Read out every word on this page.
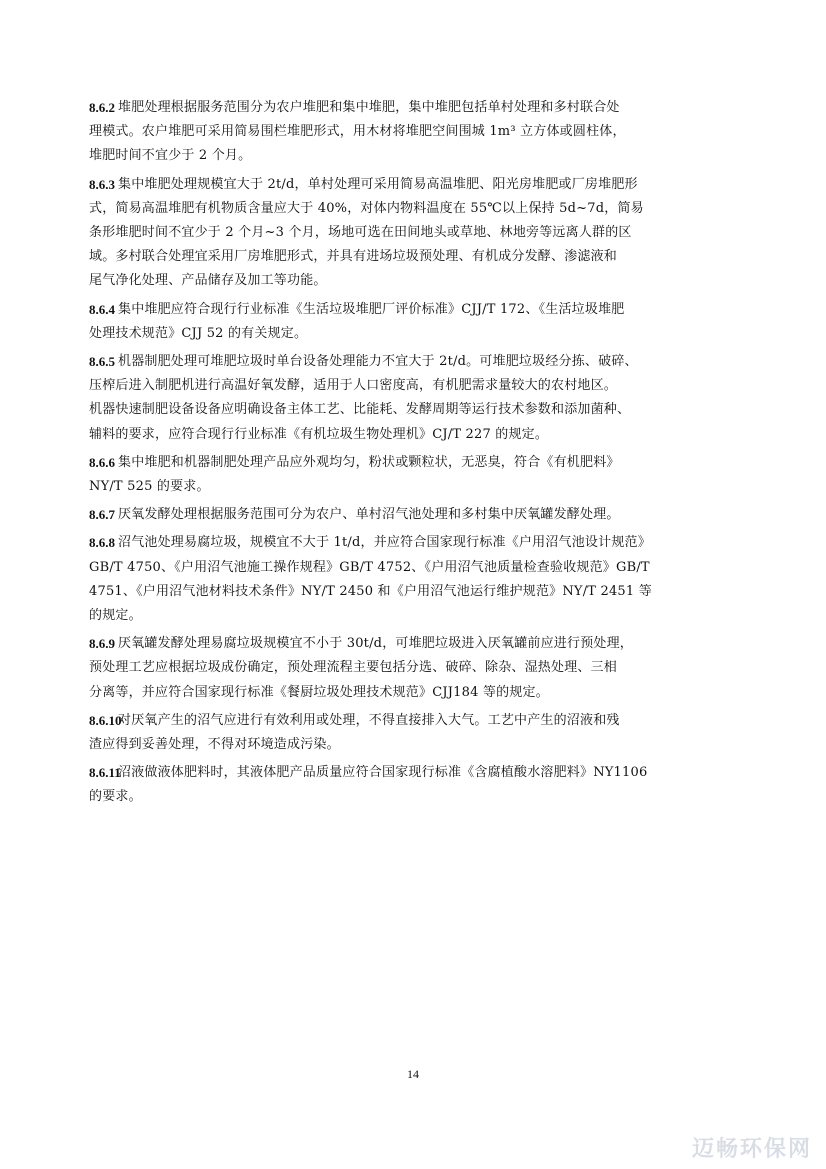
8.6.2 堆肥处理根据服务范围分为农户堆肥和集中堆肥，集中堆肥包括单村处理和多村联合处
理模式。农户堆肥可采用简易围栏堆肥形式，用木材将堆肥空间围城 1m³ 立方体或圆柱体，
堆肥时间不宜少于 2 个月。
8.6.3 集中堆肥处理规模宜大于 2t/d，单村处理可采用简易高温堆肥、阳光房堆肥或厂房堆肥形
式，简易高温堆肥有机物质含量应大于 40%，对体内物料温度在 55℃以上保持 5d~7d，简易
条形堆肥时间不宜少于 2 个月~3 个月，场地可选在田间地头或草地、林地旁等远离人群的区
域。多村联合处理宜采用厂房堆肥形式，并具有进场垃圾预处理、有机成分发酵、渗滤液和
尾气净化处理、产品储存及加工等功能。
8.6.4 集中堆肥应符合现行行业标准《生活垃圾堆肥厂评价标准》CJJ/T 172、《生活垃圾堆肥
处理技术规范》CJJ 52 的有关规定。
8.6.5 机器制肥处理可堆肥垃圾时单台设备处理能力不宜大于 2t/d。可堆肥垃圾经分拣、破碎、
压榨后进入制肥机进行高温好氧发酵，适用于人口密度高，有机肥需求量较大的农村地区。
机器快速制肥设备设备应明确设备主体工艺、比能耗、发酵周期等运行技术参数和添加菌种、
辅料的要求，应符合现行行业标准《有机垃圾生物处理机》CJ/T 227 的规定。
8.6.6 集中堆肥和机器制肥处理产品应外观均匀，粉状或颗粒状，无恶臭，符合《有机肥料》
NY/T 525 的要求。
8.6.7 厌氧发酵处理根据服务范围可分为农户、单村沼气池处理和多村集中厌氧罐发酵处理。
8.6.8 沼气池处理易腐垃圾，规模宜不大于 1t/d，并应符合国家现行标准《户用沼气池设计规范》
GB/T 4750、《户用沼气池施工操作规程》GB/T 4752、《户用沼气池质量检查验收规范》GB/T
4751、《户用沼气池材料技术条件》NY/T 2450 和《户用沼气池运行维护规范》NY/T 2451 等
的规定。
8.6.9 厌氧罐发酵处理易腐垃圾规模宜不小于 30t/d，可堆肥垃圾进入厌氧罐前应进行预处理，
预处理工艺应根据垃圾成份确定，预处理流程主要包括分选、破碎、除杂、湿热处理、三相
分离等，并应符合国家现行标准《餐厨垃圾处理技术规范》CJJ184 等的规定。
8.6.10
对厌氧产生的沼气应进行有效利用或处理，不得直接排入大气。工艺中产生的沼液和残
渣应得到妥善处理，不得对环境造成污染。
8.6.11
沼液做液体肥料时，其液体肥产品质量应符合国家现行标准《含腐植酸水溶肥料》NY1106
的要求。
14
迈畅环保网
